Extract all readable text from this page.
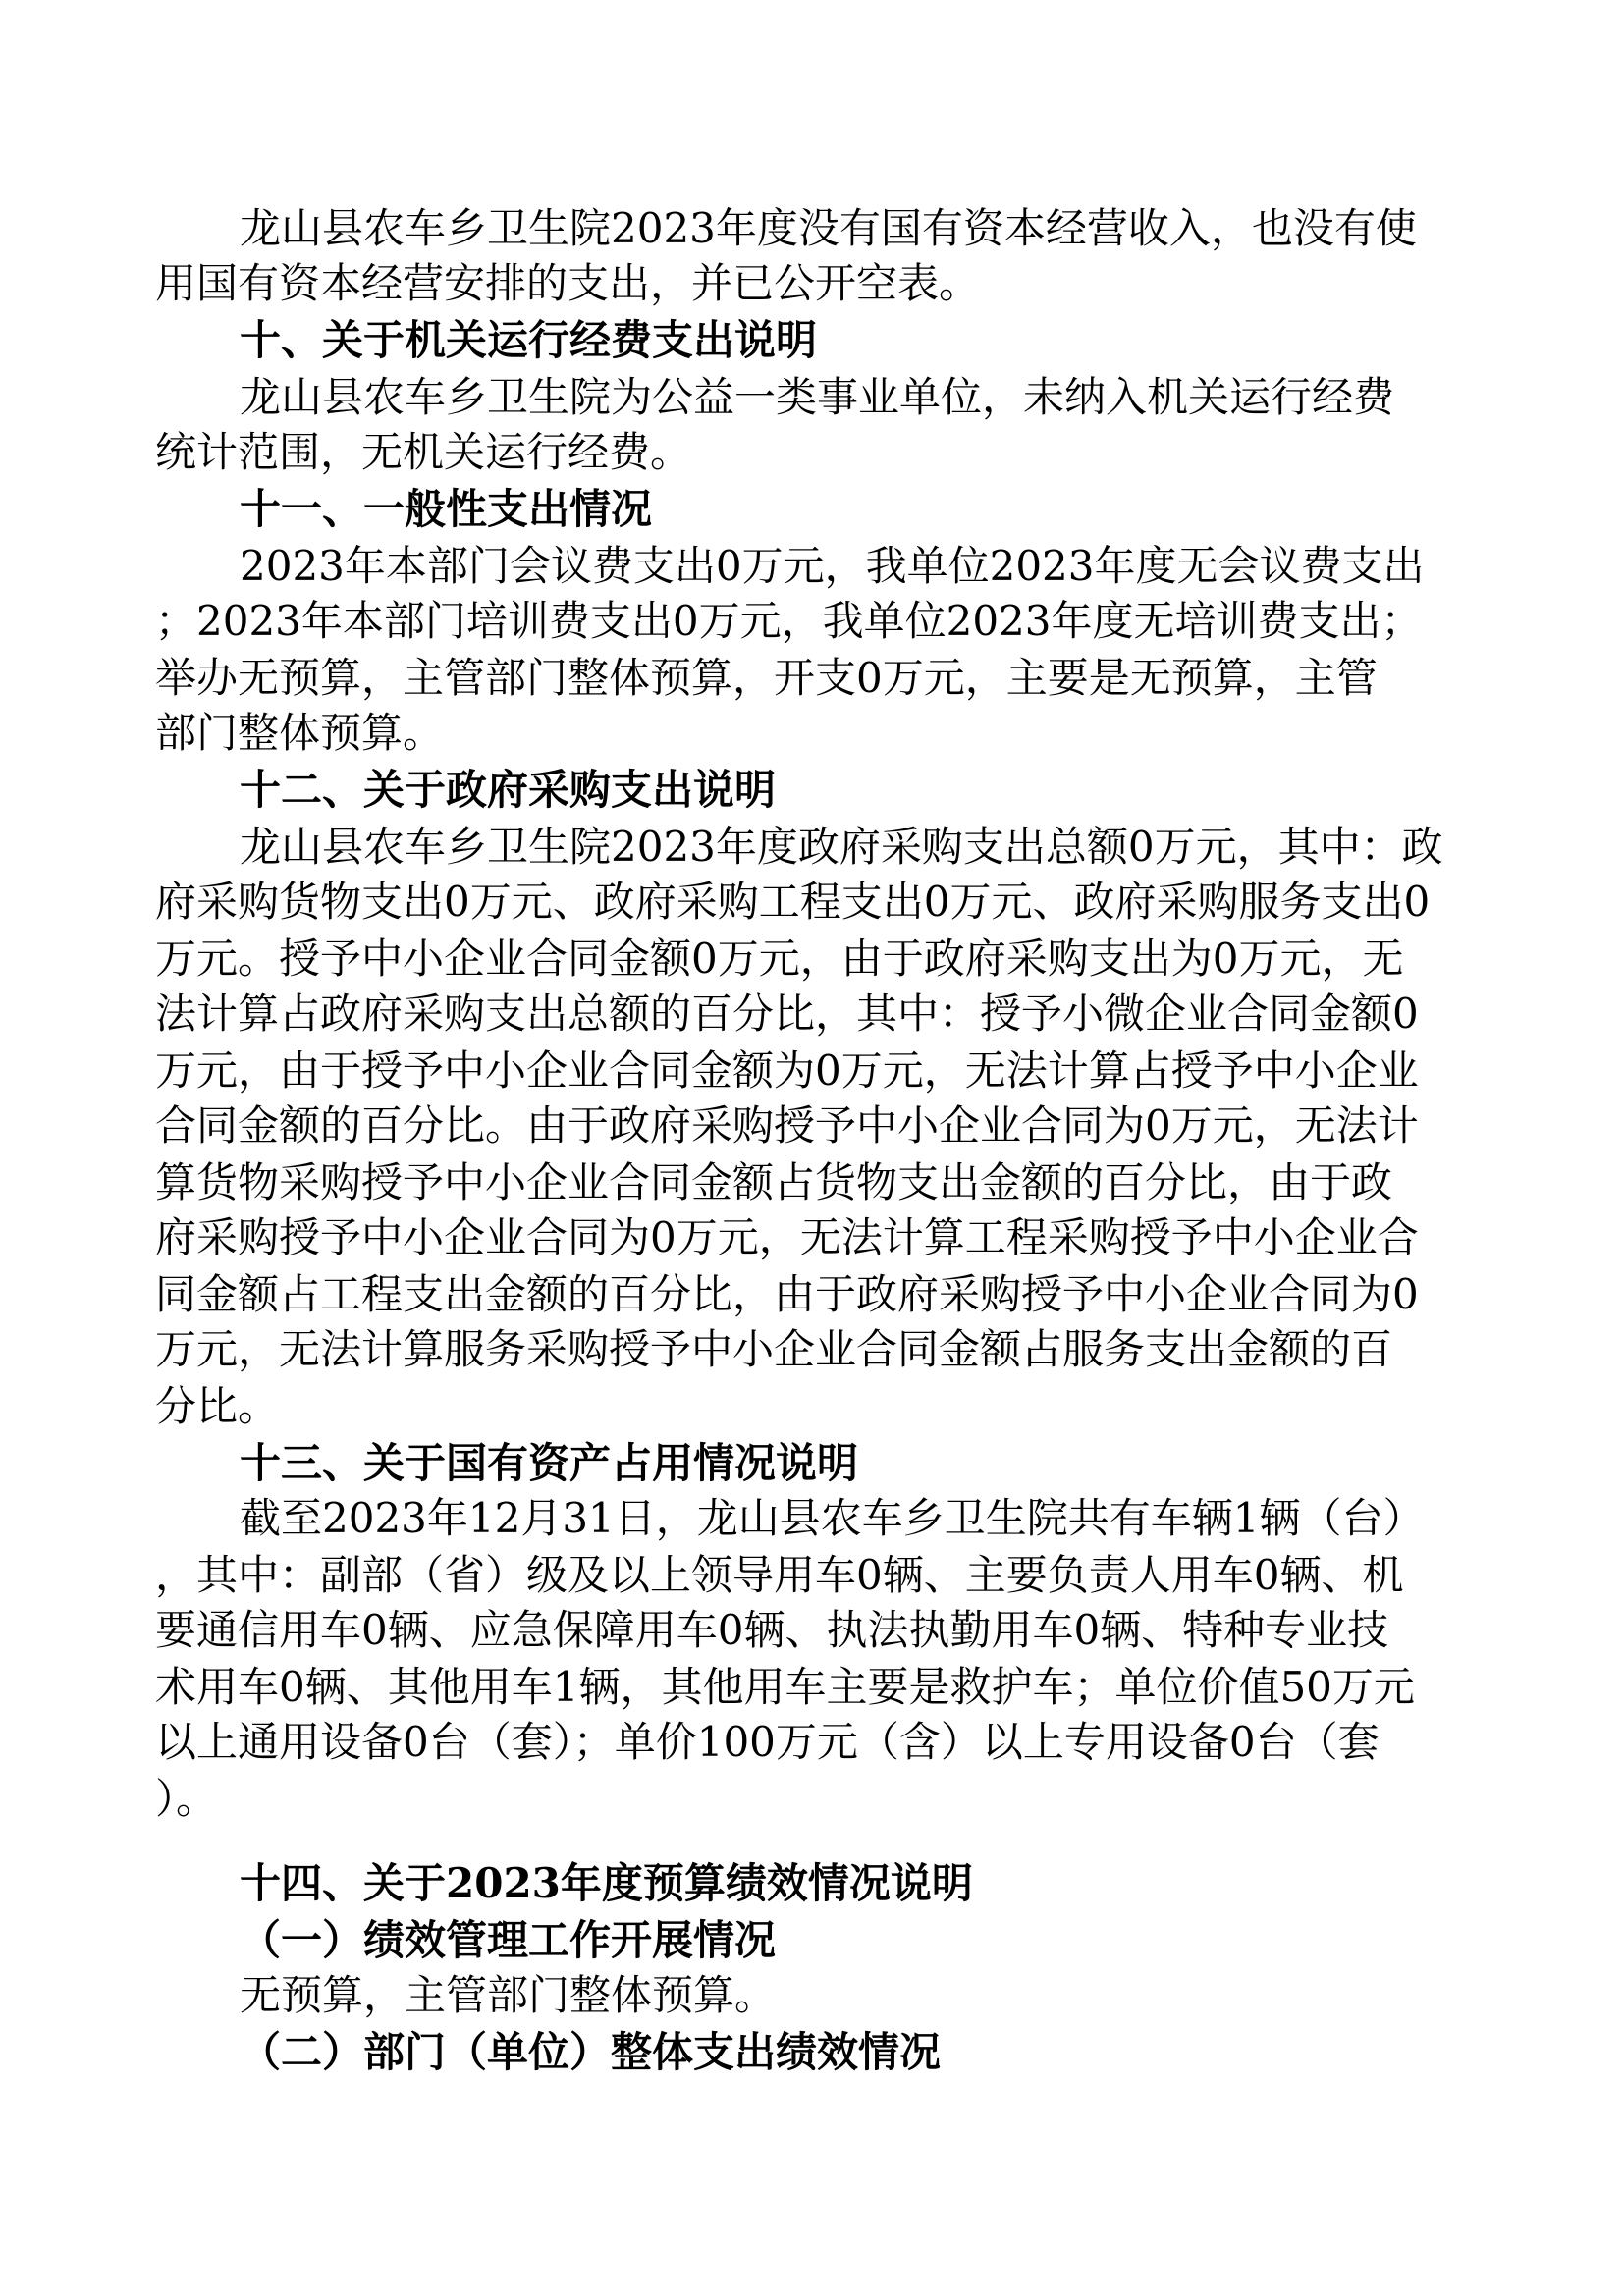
龙山县农车乡卫生院2023年度没有国有资本经营收入，也没有使

用国有资本经营安排的支出，并已公开空表。

十、关于机关运行经费支出说明

龙山县农车乡卫生院为公益一类事业单位，未纳入机关运行经费

统计范围，无机关运行经费。

十一、一般性支出情况

2023年本部门会议费支出0万元，我单位2023年度无会议费支出

；2023年本部门培训费支出0万元，我单位2023年度无培训费支出；

举办无预算，主管部门整体预算，开支0万元，主要是无预算，主管

部门整体预算。

十二、关于政府采购支出说明

龙山县农车乡卫生院2023年度政府采购支出总额0万元，其中：政

府采购货物支出0万元、政府采购工程支出0万元、政府采购服务支出0

万元。授予中小企业合同金额0万元，由于政府采购支出为0万元，无

法计算占政府采购支出总额的百分比，其中：授予小微企业合同金额0

万元，由于授予中小企业合同金额为0万元，无法计算占授予中小企业

合同金额的百分比。由于政府采购授予中小企业合同为0万元，无法计

算货物采购授予中小企业合同金额占货物支出金额的百分比，由于政

府采购授予中小企业合同为0万元，无法计算工程采购授予中小企业合

同金额占工程支出金额的百分比，由于政府采购授予中小企业合同为0

万元，无法计算服务采购授予中小企业合同金额占服务支出金额的百

分比。

十三、关于国有资产占用情况说明

截至2023年12月31日，龙山县农车乡卫生院共有车辆1辆（台）

，其中：副部（省）级及以上领导用车0辆、主要负责人用车0辆、机

要通信用车0辆、应急保障用车0辆、执法执勤用车0辆、特种专业技

术用车0辆、其他用车1辆，其他用车主要是救护车；单位价值50万元

以上通用设备0台（套）；单价100万元（含）以上专用设备0台（套

）。

十四、关于2023年度预算绩效情况说明

（一）绩效管理工作开展情况

无预算，主管部门整体预算。

（二）部门（单位）整体支出绩效情况
